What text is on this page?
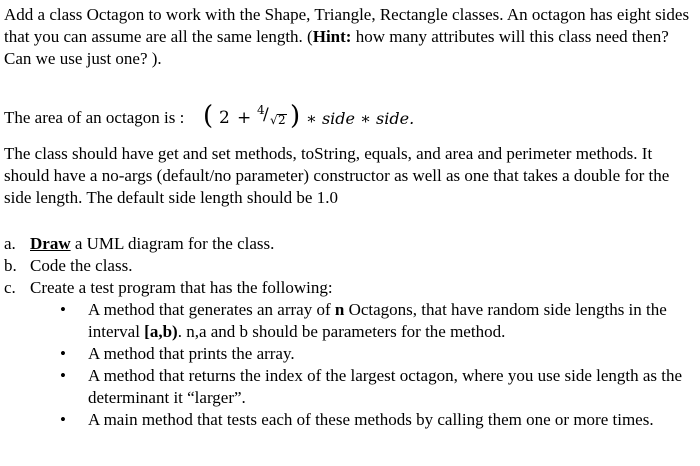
Add a class Octagon to work with the Shape, Triangle, Rectangle classes. An octagon has eight sides that you can assume are all the same length. (Hint: how many attributes will this class need then? Can we use just one? ).
The area of an octagon is : ( 2 + 4
/ √ 2 ) ∗ side ∗ side.
The class should have get and set methods, toString, equals, and area and perimeter methods. It should have a no-args (default/no parameter) constructor as well as one that takes a double for the side length. The default side length should be 1.0
a. Draw a UML diagram for the class.
b. Code the class.
c. Create a test program that has the following:
• A method that generates an array of n Octagons, that have random side lengths in the interval [a,b). n,a and b should be parameters for the method.
• A method that prints the array.
• A method that returns the index of the largest octagon, where you use side length as the determinant it “larger”.
• A main method that tests each of these methods by calling them one or more times.
